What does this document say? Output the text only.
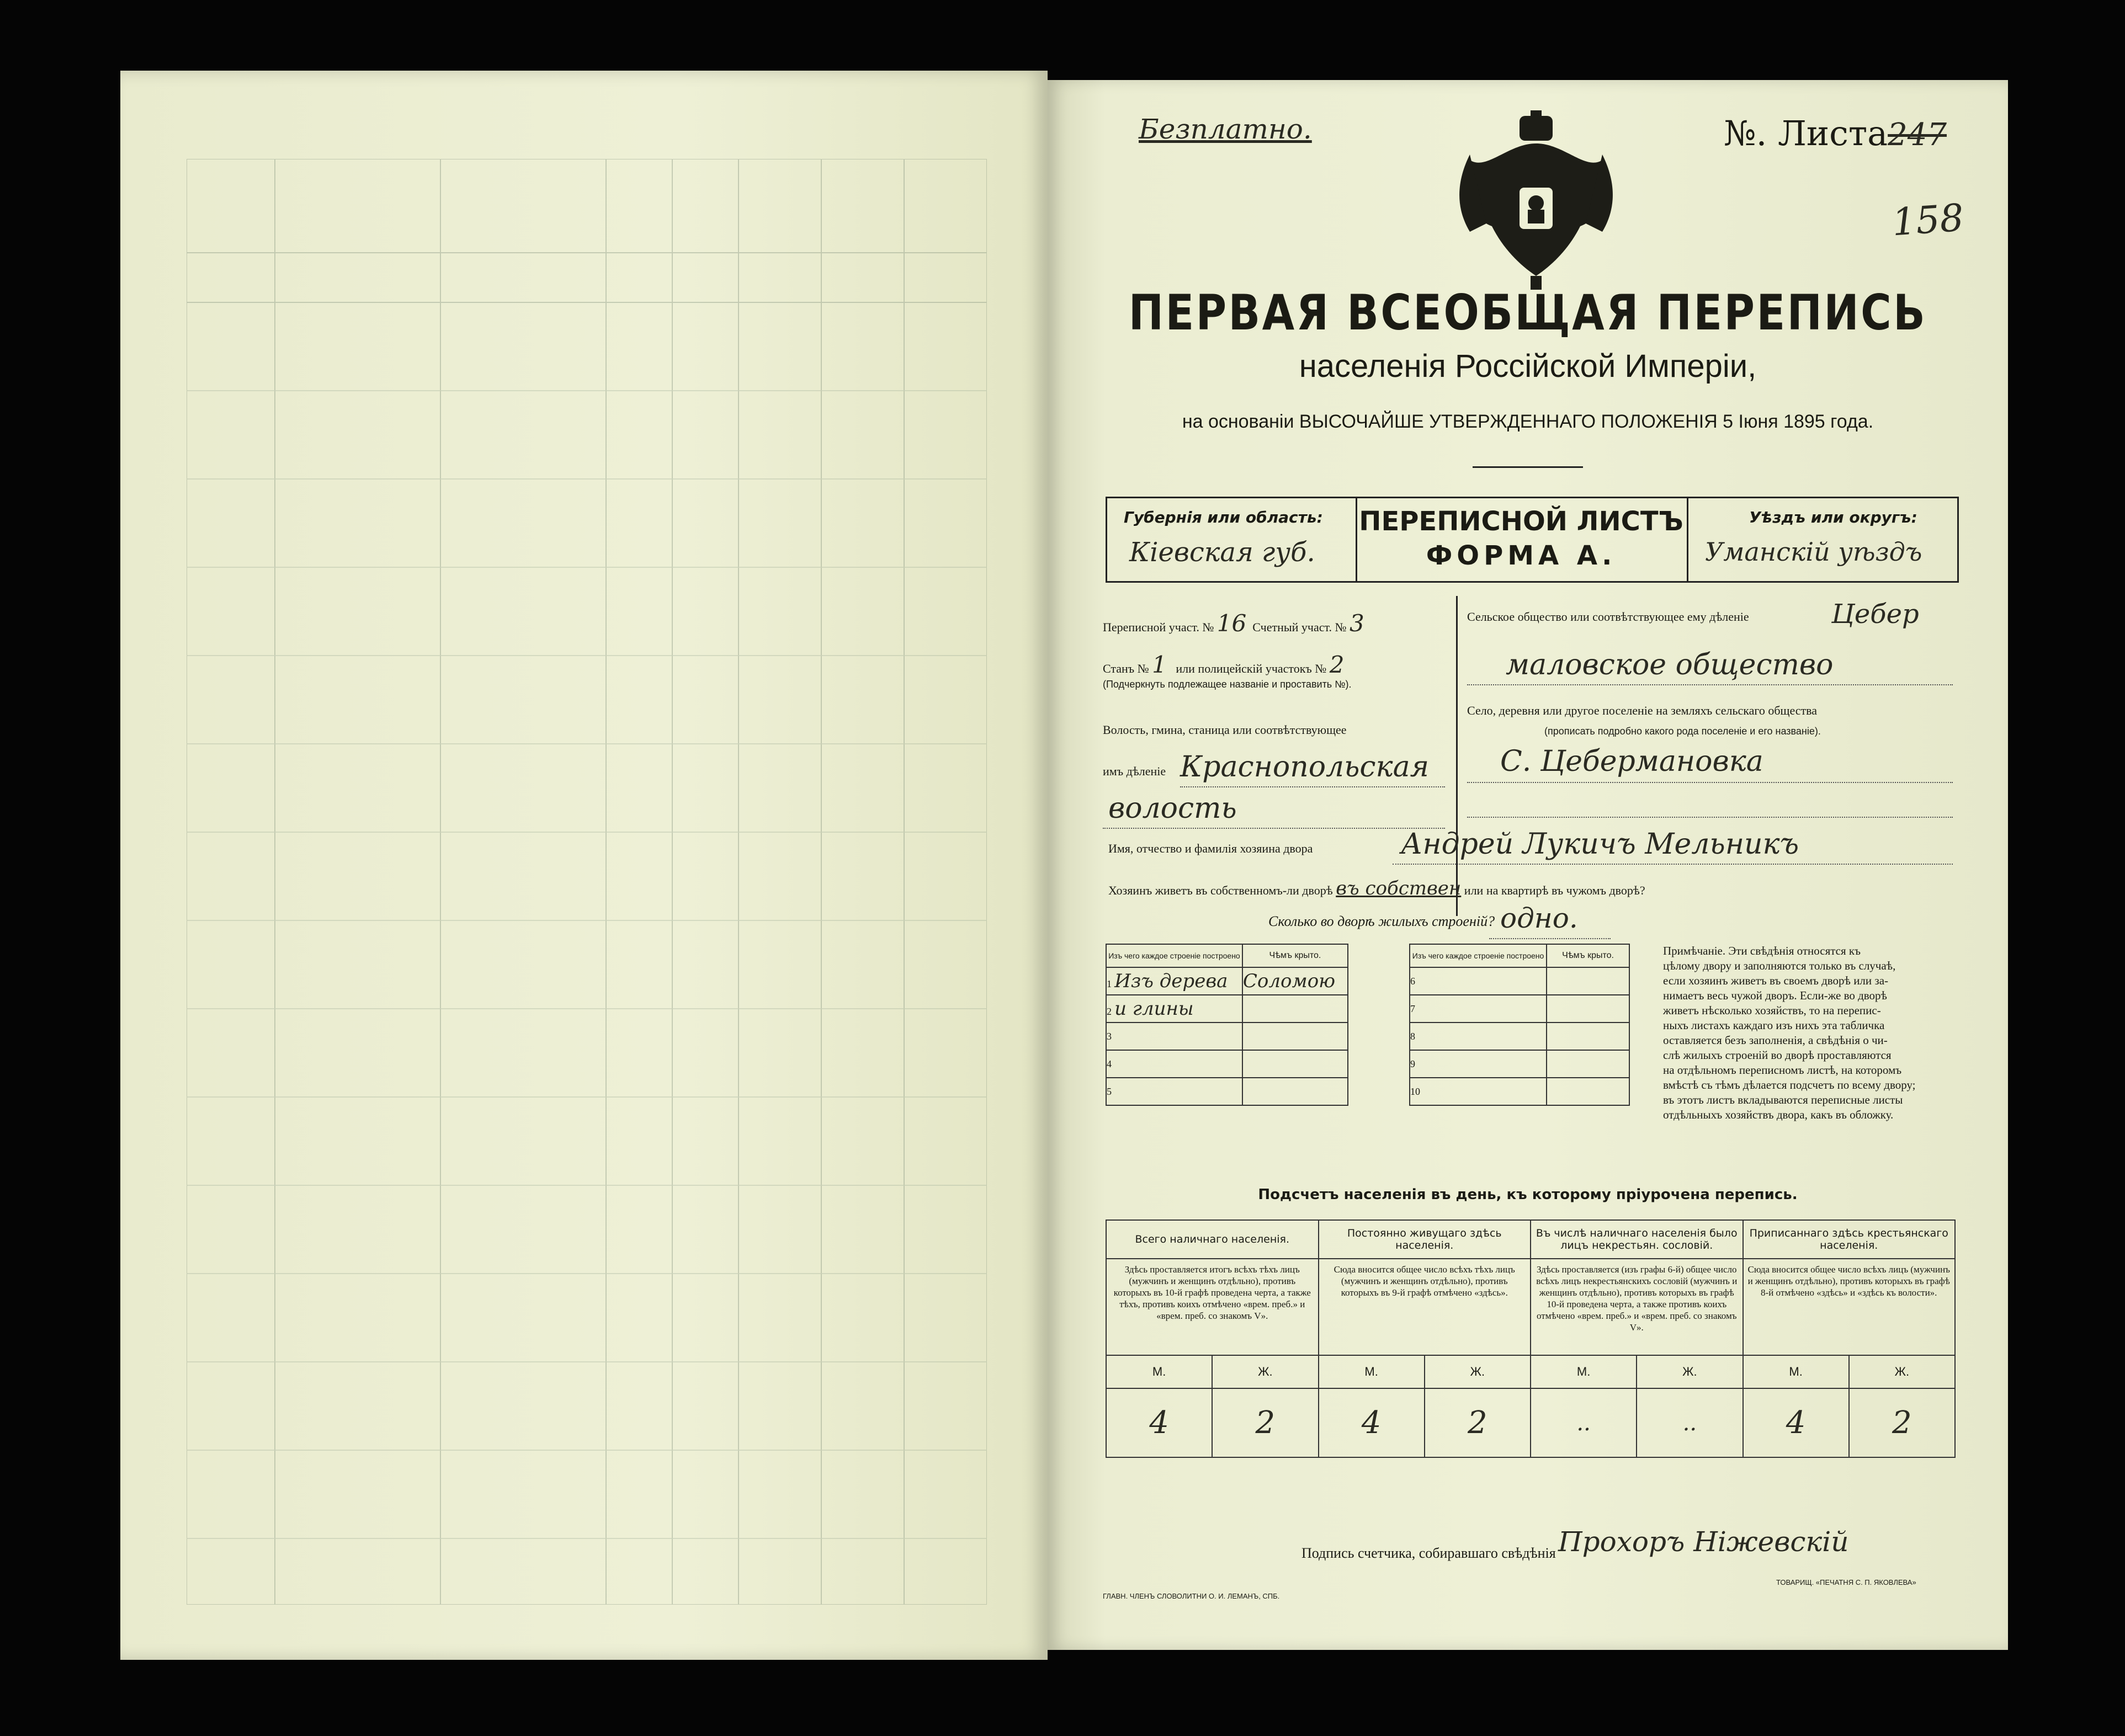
Безплатно.	№. Листа247
158
ПЕРВАЯ ВСЕОБЩАЯ ПЕРЕПИСЬ
населенія Россійской Имперіи,
на основаніи ВЫСОЧАЙШЕ УТВЕРЖДЕННАГО ПОЛОЖЕНІЯ 5 Іюня 1895 года.
Губернія или область:
Кіевская губ.
ПЕРЕПИСНОЙ ЛИСТЪ
ФОРМА А.
Уѣздъ или округъ:
Уманскій уѣздъ
Переписной участ. № 16 Счетный участ. № 3
Станъ № 1 или полицейскій участокъ № 2
(Подчеркнуть подлежащее названіе и проставить №).
Волость, гмина, станица или соотвѣтствующее
имъ дѣленіе Краснопольская
волость
Сельское общество или соотвѣтствующее ему дѣленіе	Цебер
маловское общество
Село, деревня или другое поселеніе на земляхъ сельскаго общества
(прописать подробно какого рода поселеніе и его названіе).
С. Цебермановка
Имя, отчество и фамилія хозяина двора	Андрей Лукичъ Мельникъ
Хозяинъ живетъ въ собственномъ-ли дворѣ въ собствен или на квартирѣ въ чужомъ дворѣ?
Сколько во дворѣ жилыхъ строеній? одно.
Изъ чего каждое строеніе построено	Чѣмъ крыто.
1 Изъ дерева	Соломою
2 и глины	
3	
4	
5	
Изъ чего каждое строеніе построено	Чѣмъ крыто.
6	
7	
8	
9	
10	
Примѣчаніе. Эти свѣдѣнія относятся къ
цѣлому двору и заполняются только въ случаѣ,
если хозяинъ живетъ въ своемъ дворѣ или за-
нимаетъ весь чужой дворъ. Если-же во дворѣ
живетъ нѣсколько хозяйствъ, то на перепис-
ныхъ листахъ каждаго изъ нихъ эта табличка
оставляется безъ заполненія, а свѣдѣнія о чи-
слѣ жилыхъ строеній во дворѣ проставляются
на отдѣльномъ переписномъ листѣ, на которомъ
вмѣстѣ съ тѣмъ дѣлается подсчетъ по всему двору;
въ этотъ листъ вкладываются переписные листы
отдѣльныхъ хозяйствъ двора, какъ въ обложку.
Подсчетъ населенія въ день, къ которому пріурочена перепись.
Всего наличнаго населенія.		Постоянно живущаго здѣсь населенія.		Въ числѣ наличнаго населенія было лицъ некрестьян. сословій.		Приписаннаго здѣсь крестьянскаго населенія.	
Здѣсь проставляется итогъ всѣхъ тѣхъ лицъ (мужчинъ и женщинъ отдѣльно), противъ которыхъ въ 10-й графѣ проведена черта, а также тѣхъ, противъ коихъ отмѣчено «врем. преб.» и «врем. преб. со знакомъ V».		Сюда вносится общее число всѣхъ тѣхъ лицъ (мужчинъ и женщинъ отдѣльно), противъ которыхъ въ 9-й графѣ отмѣчено «здѣсь».		Здѣсь проставляется (изъ графы 6-й) общее число всѣхъ лицъ некрестьянскихъ сословій (мужчинъ и женщинъ отдѣльно), противъ которыхъ въ графѣ 10-й проведена черта, а также противъ коихъ отмѣчено «врем. преб.» и «врем. преб. со знакомъ V».		Сюда вносится общее число всѣхъ лицъ (мужчинъ и женщинъ отдѣльно), противъ которыхъ въ графѣ 8-й отмѣчено «здѣсь» и «здѣсь къ волости».	
М.	Ж.	М.	Ж.	М.	Ж.	М.	Ж.
4	2	4	2	..	..	4	2
Подпись счетчика, собиравшаго свѣдѣнія Прохоръ Ніжевскій
ГЛАВН. ЧЛЕНЪ СЛОВОЛИТНИ О. И. ЛЕМАНЪ, СПБ.
ТОВАРИЩ. «ПЕЧАТНЯ С. П. ЯКОВЛЕВА»
